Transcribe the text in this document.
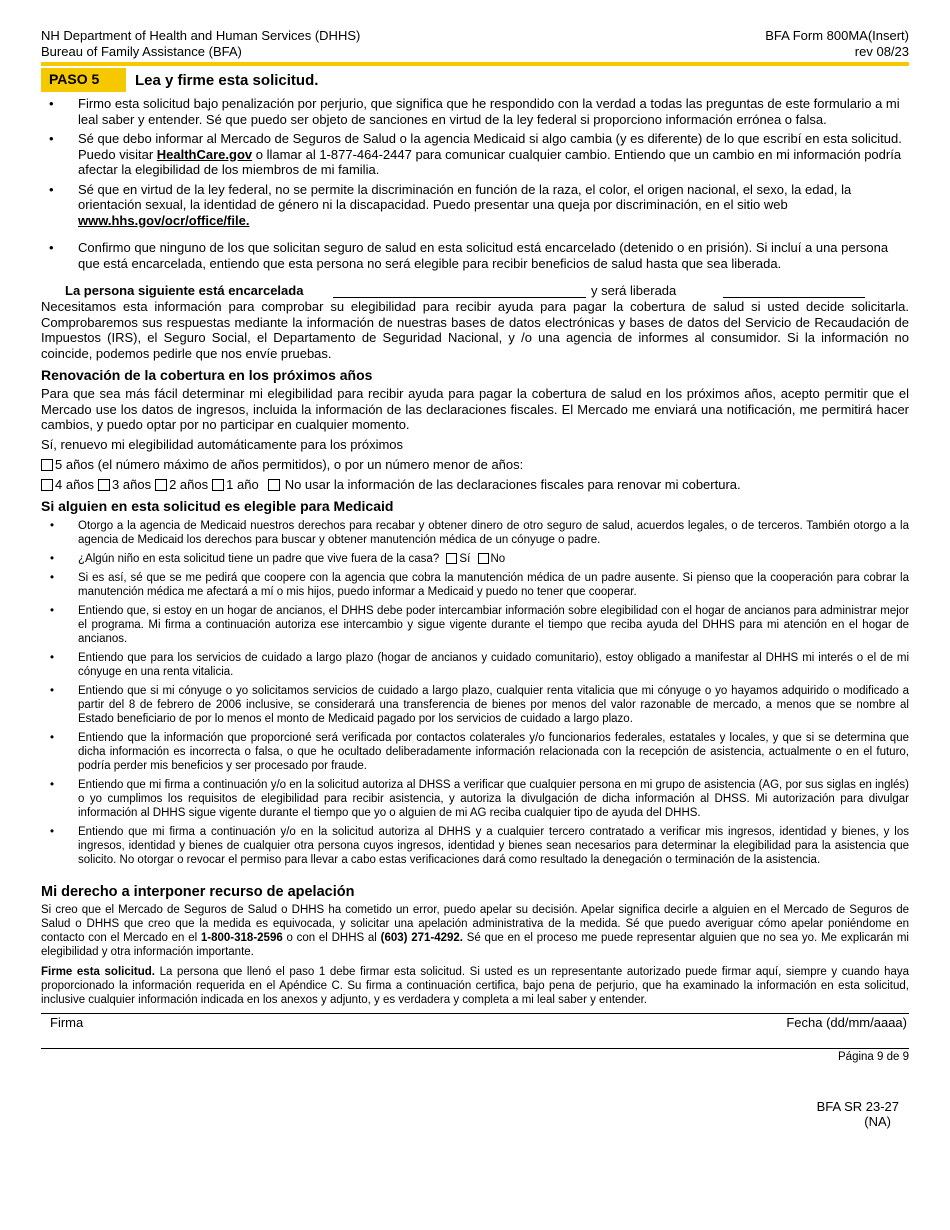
NH Department of Health and Human Services (DHHS)
Bureau of Family Assistance (BFA)
BFA Form 800MA(Insert)
rev 08/23
PASO 5	Lea y firme esta solicitud.
• Firmo esta solicitud bajo penalización por perjurio, que significa que he respondido con la verdad a todas las preguntas de este formulario a mi leal saber y entender. Sé que puedo ser objeto de sanciones en virtud de la ley federal si proporciono información errónea o falsa.
• Sé que debo informar al Mercado de Seguros de Salud o la agencia Medicaid si algo cambia (y es diferente) de lo que escribí en esta solicitud. Puedo visitar HealthCare.gov o llamar al 1-877-464-2447 para comunicar cualquier cambio. Entiendo que un cambio en mi información podría afectar la elegibilidad de los miembros de mi familia.
• Sé que en virtud de la ley federal, no se permite la discriminación en función de la raza, el color, el origen nacional, el sexo, la edad, la orientación sexual, la identidad de género ni la discapacidad. Puedo presentar una queja por discriminación, en el sitio web www.hhs.gov/ocr/office/file.
• Confirmo que ninguno de los que solicitan seguro de salud en esta solicitud está encarcelado (detenido o en prisión). Si incluí a una persona que está encarcelada, entiendo que esta persona no será elegible para recibir beneficios de salud hasta que sea liberada.
La persona siguiente está encarcelada	y será liberada

Necesitamos esta información para comprobar su elegibilidad para recibir ayuda para pagar la cobertura de salud si usted decide solicitarla. Comprobaremos sus respuestas mediante la información de nuestras bases de datos electrónicas y bases de datos del Servicio de Recaudación de Impuestos (IRS), el Seguro Social, el Departamento de Seguridad Nacional, y /o una agencia de informes al consumidor. Si la información no coincide, podemos pedirle que nos envíe pruebas.

Renovación de la cobertura en los próximos años

Para que sea más fácil determinar mi elegibilidad para recibir ayuda para pagar la cobertura de salud en los próximos años, acepto permitir que el Mercado use los datos de ingresos, incluida la información de las declaraciones fiscales. El Mercado me enviará una notificación, me permitirá hacer cambios, y puedo optar por no participar en cualquier momento.

Sí, renuevo mi elegibilidad automáticamente para los próximos
5 años (el número máximo de años permitidos), o por un número menor de años:
4 años 3 años 2 años 1 año No usar la información de las declaraciones fiscales para renovar mi cobertura.
Si alguien en esta solicitud es elegible para Medicaid
• Otorgo a la agencia de Medicaid nuestros derechos para recabar y obtener dinero de otro seguro de salud, acuerdos legales, o de terceros. También otorgo a la agencia de Medicaid los derechos para buscar y obtener manutención médica de un cónyuge o padre.
• ¿Algún niño en esta solicitud tiene un padre que vive fuera de la casa? Sí No
• Si es así, sé que se me pedirá que coopere con la agencia que cobra la manutención médica de un padre ausente. Si pienso que la cooperación para cobrar la manutención médica me afectará a mí o mis hijos, puedo informar a Medicaid y puedo no tener que cooperar.
• Entiendo que, si estoy en un hogar de ancianos, el DHHS debe poder intercambiar información sobre elegibilidad con el hogar de ancianos para administrar mejor el programa. Mi firma a continuación autoriza ese intercambio y sigue vigente durante el tiempo que reciba ayuda del DHHS para mi atención en el hogar de ancianos.
• Entiendo que para los servicios de cuidado a largo plazo (hogar de ancianos y cuidado comunitario), estoy obligado a manifestar al DHHS mi interés o el de mi cónyuge en una renta vitalicia.
• Entiendo que si mi cónyuge o yo solicitamos servicios de cuidado a largo plazo, cualquier renta vitalicia que mi cónyuge o yo hayamos adquirido o modificado a partir del 8 de febrero de 2006 inclusive, se considerará una transferencia de bienes por menos del valor razonable de mercado, a menos que se nombre al Estado beneficiario de por lo menos el monto de Medicaid pagado por los servicios de cuidado a largo plazo.
• Entiendo que la información que proporcioné será verificada por contactos colaterales y/o funcionarios federales, estatales y locales, y que si se determina que dicha información es incorrecta o falsa, o que he ocultado deliberadamente información relacionada con la recepción de asistencia, actualmente o en el futuro, podría perder mis beneficios y ser procesado por fraude.
• Entiendo que mi firma a continuación y/o en la solicitud autoriza al DHSS a verificar que cualquier persona en mi grupo de asistencia (AG, por sus siglas en inglés) o yo cumplimos los requisitos de elegibilidad para recibir asistencia, y autoriza la divulgación de dicha información al DHSS. Mi autorización para divulgar información al DHHS sigue vigente durante el tiempo que yo o alguien de mi AG reciba cualquier tipo de ayuda del DHHS.
• Entiendo que mi firma a continuación y/o en la solicitud autoriza al DHHS y a cualquier tercero contratado a verificar mis ingresos, identidad y bienes, y los ingresos, identidad y bienes de cualquier otra persona cuyos ingresos, identidad y bienes sean necesarios para determinar la elegibilidad para la asistencia que solicito. No otorgar o revocar el permiso para llevar a cabo estas verificaciones dará como resultado la denegación o terminación de la asistencia.
Mi derecho a interponer recurso de apelación

Si creo que el Mercado de Seguros de Salud o DHHS ha cometido un error, puedo apelar su decisión. Apelar significa decirle a alguien en el Mercado de Seguros de Salud o DHHS que creo que la medida es equivocada, y solicitar una apelación administrativa de la medida. Sé que puedo averiguar cómo apelar poniéndome en contacto con el Mercado en el 1-800-318-2596 o con el DHHS al (603) 271-4292. Sé que en el proceso me puede representar alguien que no sea yo. Me explicarán mi elegibilidad y otra información importante.

Firme esta solicitud. La persona que llenó el paso 1 debe firmar esta solicitud. Si usted es un representante autorizado puede firmar aquí, siempre y cuando haya proporcionado la información requerida en el Apéndice C. Su firma a continuación certifica, bajo pena de perjurio, que ha examinado la información en esta solicitud, inclusive cualquier información indicada en los anexos y adjunto, y es verdadera y completa a mi leal saber y entender.

Firma	Fecha (dd/mm/aaaa)
Página 9 de 9
BFA SR 23-27
(NA)
